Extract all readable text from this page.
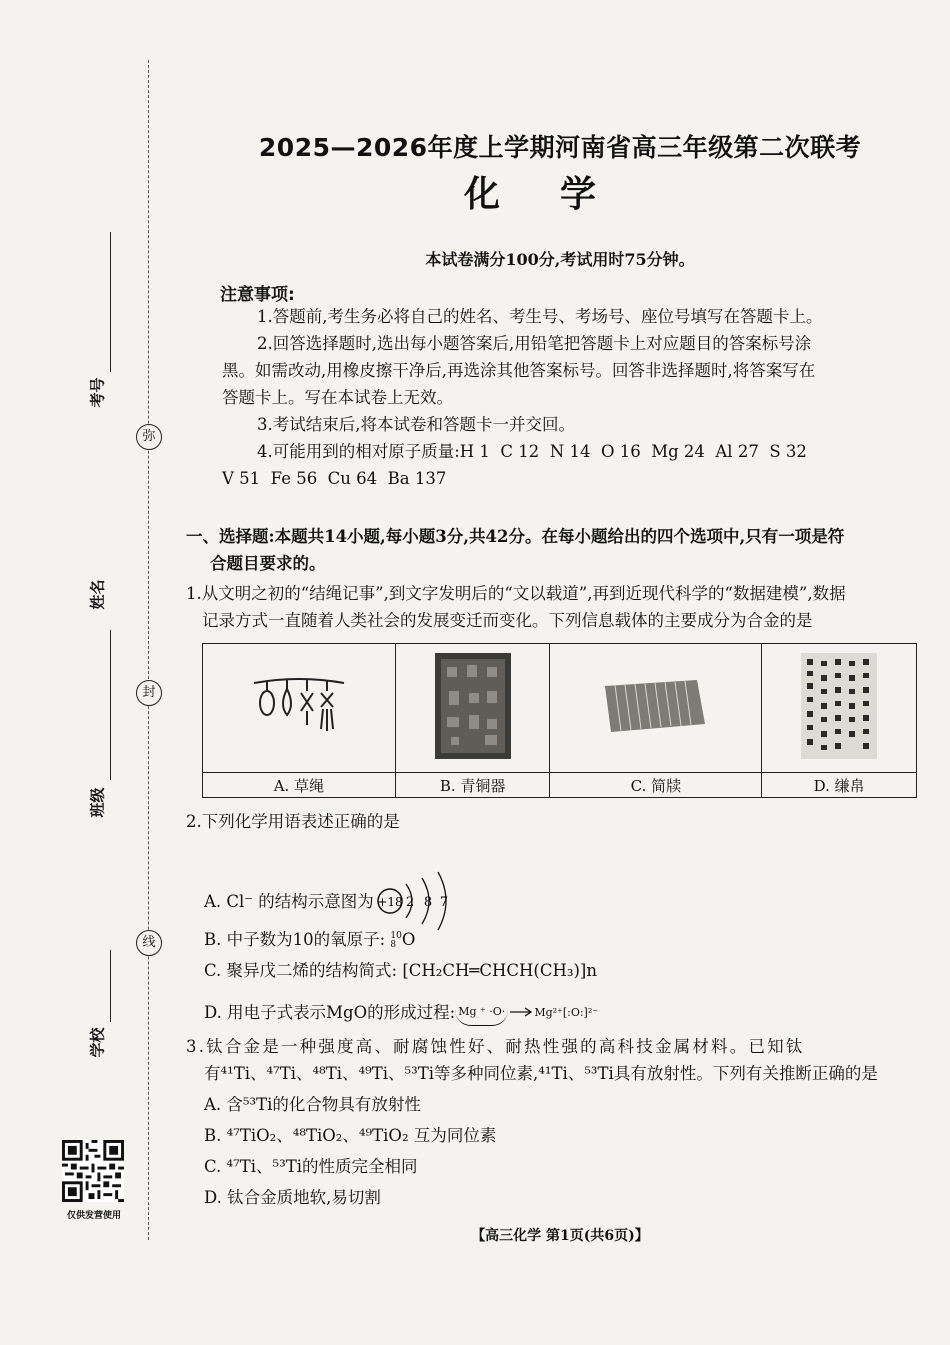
弥
封
线
考号
姓名
班级
学校
仅供发营使用
2025—2026年度上学期河南省高三年级第二次联考
化学
本试卷满分100分,考试用时75分钟。
注意事项:
1.答题前,考生务必将自己的姓名、考生号、考场号、座位号填写在答题卡上。
2.回答选择题时,选出每小题答案后,用铅笔把答题卡上对应题目的答案标号涂
黑。如需改动,用橡皮擦干净后,再选涂其他答案标号。回答非选择题时,将答案写在
答题卡上。写在本试卷上无效。
3.考试结束后,将本试卷和答题卡一并交回。
4.可能用到的相对原子质量:H 1  C 12  N 14  O 16  Mg 24  Al 27  S 32
V 51  Fe 56  Cu 64  Ba 137
一、选择题:本题共14小题,每小题3分,共42分。在每小题给出的四个选项中,只有一项是符
合题目要求的。
1.从文明之初的“结绳记事”,到文字发明后的“文以载道”,再到近现代科学的“数据建模”,数据
记录方式一直随着人类社会的发展变迁而变化。下列信息载体的主要成分为合金的是

A. 草绳	B. 青铜器	C. 简牍	D. 缣帛
2.下列化学用语表述正确的是
A. Cl⁻ 的结构示意图为 +18 2 8 7
B. 中子数为10的氧原子: 10
8 O
C. 聚异戊二烯的结构简式: [CH₂CH═CHCH(CH₃)]n
D. 用电子式表示MgO的形成过程: Mg ⁺ ·O· → Mg²⁺[:O:]²⁻
3.钛合金是一种强度高、耐腐蚀性好、耐热性强的高科技金属材料。已知钛
有⁴¹Ti、⁴⁷Ti、⁴⁸Ti、⁴⁹Ti、⁵³Ti等多种同位素,⁴¹Ti、⁵³Ti具有放射性。下列有关推断正确的是
A. 含⁵³Ti的化合物具有放射性
B. ⁴⁷TiO₂、⁴⁸TiO₂、⁴⁹TiO₂ 互为同位素
C. ⁴⁷Ti、⁵³Ti的性质完全相同
D. 钛合金质地软,易切割
【高三化学 第1页(共6页)】
